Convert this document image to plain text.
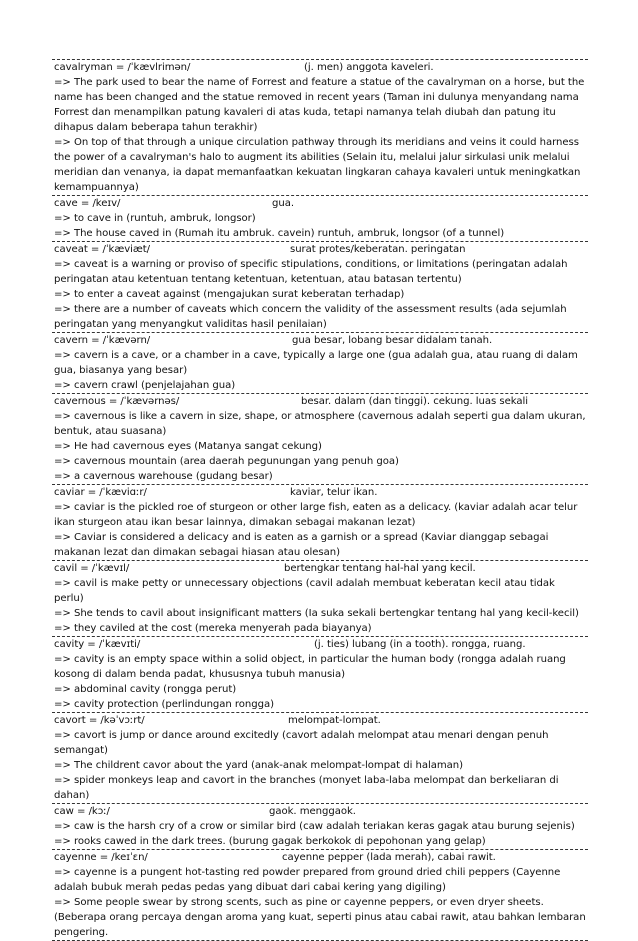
cavalryman = /ˈkævlrimən/	(j. men) anggota kaveleri.

=> The park used to bear the name of Forrest and feature a statue of the cavalryman on a horse, but the name has been changed and the statue removed in recent years (Taman ini dulunya menyandang nama Forrest dan menampilkan patung kavaleri di atas kuda, tetapi namanya telah diubah dan patung itu dihapus dalam beberapa tahun terakhir)

=> On top of that through a unique circulation pathway through its meridians and veins it could harness the power of a cavalryman's halo to augment its abilities (Selain itu, melalui jalur sirkulasi unik melalui meridian dan venanya, ia dapat memanfaatkan kekuatan lingkaran cahaya kavaleri untuk meningkatkan kemampuannya)

cave = /keɪv/	gua.

=> to cave in (runtuh, ambruk, longsor)

=> The house caved in (Rumah itu ambruk. cavein) runtuh, ambruk, longsor (of a tunnel)

caveat = /ˈkæviæt/	surat protes/keberatan. peringatan

=> caveat is a warning or proviso of specific stipulations, conditions, or limitations (peringatan adalah peringatan atau ketentuan tentang ketentuan, ketentuan, atau batasan tertentu)

=> to enter a caveat against (mengajukan surat keberatan terhadap)

=> there are a number of caveats which concern the validity of the assessment results (ada sejumlah peringatan yang menyangkut validitas hasil penilaian)

cavern = /ˈkævərn/	gua besar, lobang besar didalam tanah.

=> cavern is a cave, or a chamber in a cave, typically a large one (gua adalah gua, atau ruang di dalam gua, biasanya yang besar)

=> cavern crawl (penjelajahan gua)

cavernous = /ˈkævərnəs/	besar. dalam (dan tinggi). cekung. luas sekali

=> cavernous is like a cavern in size, shape, or atmosphere (cavernous adalah seperti gua dalam ukuran, bentuk, atau suasana)

=> He had cavernous eyes (Matanya sangat cekung)

=> cavernous mountain (area daerah pegunungan yang penuh goa)

=> a cavernous warehouse (gudang besar)

caviar = /ˈkæviɑːr/	kaviar, telur ikan.

=> caviar is the pickled roe of sturgeon or other large fish, eaten as a delicacy. (kaviar adalah acar telur ikan sturgeon atau ikan besar lainnya, dimakan sebagai makanan lezat)

=> Caviar is considered a delicacy and is eaten as a garnish or a spread (Kaviar dianggap sebagai makanan lezat dan dimakan sebagai hiasan atau olesan)

cavil = /ˈkævɪl/	bertengkar tentang hal-hal yang kecil.

=> cavil is make petty or unnecessary objections (cavil adalah membuat keberatan kecil atau tidak perlu)

=> She tends to cavil about insignificant matters (Ia suka sekali bertengkar tentang hal yang kecil-kecil)

=> they caviled at the cost (mereka menyerah pada biayanya)

cavity = /ˈkævɪti/	(j. ties) lubang (in a tooth). rongga, ruang.

=> cavity is an empty space within a solid object, in particular the human body (rongga adalah ruang kosong di dalam benda padat, khususnya tubuh manusia)

=> abdominal cavity (rongga perut)

=> cavity protection (perlindungan rongga)

cavort = /kəˈvɔːrt/	melompat-lompat.

=> cavort is jump or dance around excitedly (cavort adalah melompat atau menari dengan penuh semangat)

=> The childrent cavor about the yard (anak-anak melompat-lompat di halaman)

=> spider monkeys leap and cavort in the branches (monyet laba-laba melompat dan berkeliaran di dahan)

caw = /kɔː/	gaok. menggaok.

=> caw is the harsh cry of a crow or similar bird (caw adalah teriakan keras gagak atau burung sejenis)

=> rooks cawed in the dark trees. (burung gagak berkokok di pepohonan yang gelap)

cayenne = /keɪˈɛn/	cayenne pepper (lada merah), cabai rawit.

=> cayenne is a pungent hot-tasting red powder prepared from ground dried chili peppers (Cayenne adalah bubuk merah pedas pedas yang dibuat dari cabai kering yang digiling)

=> Some people swear by strong scents, such as pine or cayenne peppers, or even dryer sheets. (Beberapa orang percaya dengan aroma yang kuat, seperti pinus atau cabai rawit, atau bahkan lembaran pengering.
